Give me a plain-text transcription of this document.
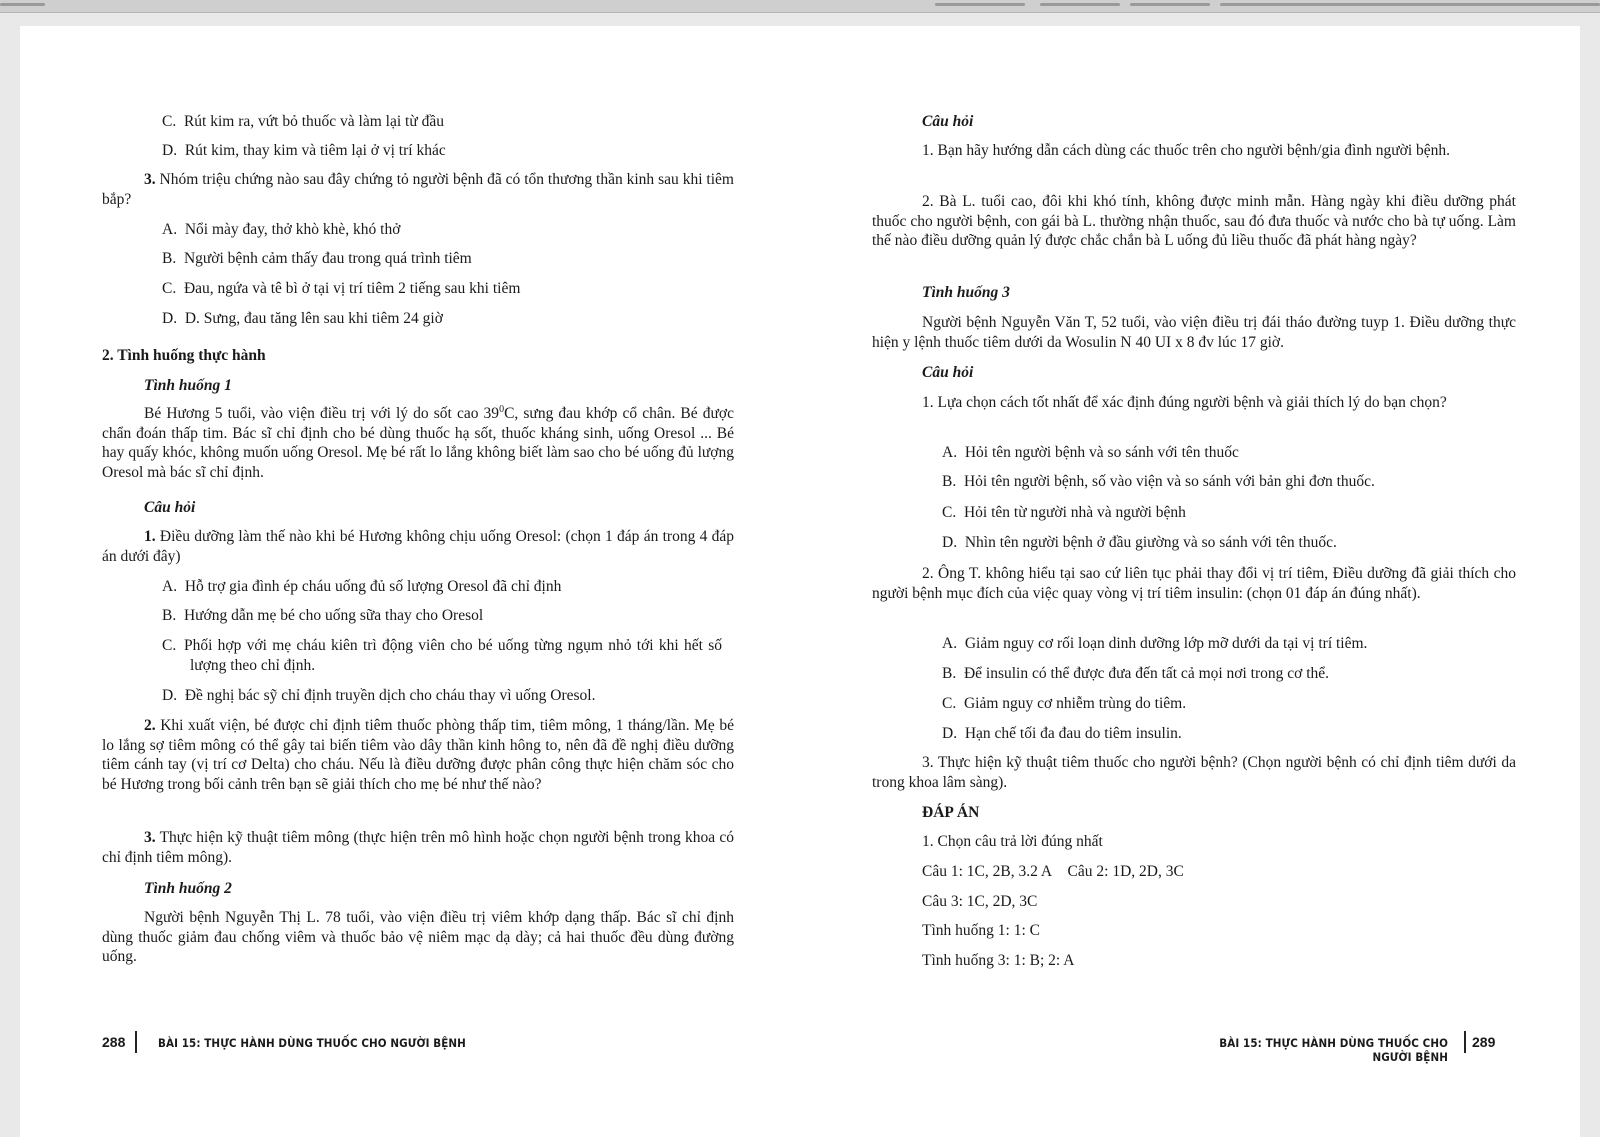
C. Rút kim ra, vứt bỏ thuốc và làm lại từ đầu
D. Rút kim, thay kim và tiêm lại ở vị trí khác
3. Nhóm triệu chứng nào sau đây chứng tỏ người bệnh đã có tổn thương thần kinh sau khi tiêm bắp?
A. Nổi mày đay, thở khò khè, khó thở
B. Người bệnh cảm thấy đau trong quá trình tiêm
C. Đau, ngứa và tê bì ở tại vị trí tiêm 2 tiếng sau khi tiêm
D. D. Sưng, đau tăng lên sau khi tiêm 24 giờ
2. Tình huống thực hành
Tình huống 1
Bé Hương 5 tuổi, vào viện điều trị với lý do sốt cao $39^0C$, sưng đau khớp cổ chân. Bé được chẩn đoán thấp tim. Bác sĩ chỉ định cho bé dùng thuốc hạ sốt, thuốc kháng sinh, uống Oresol ... Bé hay quấy khóc, không muốn uống Oresol. Mẹ bé rất lo lắng không biết làm sao cho bé uống đủ lượng Oresol mà bác sĩ chỉ định.
Câu hỏi
1. Điều dưỡng làm thế nào khi bé Hương không chịu uống Oresol: (chọn 1 đáp án trong 4 đáp án dưới đây)
A. Hỗ trợ gia đình ép cháu uống đủ số lượng Oresol đã chỉ định
B. Hướng dẫn mẹ bé cho uống sữa thay cho Oresol
C. Phối hợp với mẹ cháu kiên trì động viên cho bé uống từng ngụm nhỏ tới khi hết số lượng theo chỉ định.
D. Đề nghị bác sỹ chỉ định truyền dịch cho cháu thay vì uống Oresol.
2. Khi xuất viện, bé được chỉ định tiêm thuốc phòng thấp tim, tiêm mông, 1 tháng/lần. Mẹ bé lo lắng sợ tiêm mông có thể gây tai biến tiêm vào dây thần kinh hông to, nên đã đề nghị điều dưỡng tiêm cánh tay (vị trí cơ Delta) cho cháu. Nếu là điều dưỡng được phân công thực hiện chăm sóc cho bé Hương trong bối cảnh trên bạn sẽ giải thích cho mẹ bé như thế nào?
3. Thực hiện kỹ thuật tiêm mông (thực hiện trên mô hình hoặc chọn người bệnh trong khoa có chỉ định tiêm mông).
Tình huống 2
Người bệnh Nguyễn Thị L. 78 tuổi, vào viện điều trị viêm khớp dạng thấp. Bác sĩ chỉ định dùng thuốc giảm đau chống viêm và thuốc bảo vệ niêm mạc dạ dày; cả hai thuốc đều dùng đường uống.
Câu hỏi
1. Bạn hãy hướng dẫn cách dùng các thuốc trên cho người bệnh/gia đình người bệnh.
2. Bà L. tuổi cao, đôi khi khó tính, không được minh mẫn. Hàng ngày khi điều dưỡng phát thuốc cho người bệnh, con gái bà L. thường nhận thuốc, sau đó đưa thuốc và nước cho bà tự uống. Làm thế nào điều dưỡng quản lý được chắc chắn bà L uống đủ liều thuốc đã phát hàng ngày?
Tình huống 3
Người bệnh Nguyễn Văn T, 52 tuổi, vào viện điều trị đái tháo đường tuyp 1. Điều dưỡng thực hiện y lệnh thuốc tiêm dưới da Wosulin N 40 UI x 8 đv lúc 17 giờ.
Câu hỏi
1. Lựa chọn cách tốt nhất để xác định đúng người bệnh và giải thích lý do bạn chọn?
A. Hỏi tên người bệnh và so sánh với tên thuốc
B. Hỏi tên người bệnh, số vào viện và so sánh với bản ghi đơn thuốc.
C. Hỏi tên từ người nhà và người bệnh
D. Nhìn tên người bệnh ở đầu giường và so sánh với tên thuốc.
2. Ông T. không hiểu tại sao cứ liên tục phải thay đổi vị trí tiêm, Điều dưỡng đã giải thích cho người bệnh mục đích của việc quay vòng vị trí tiêm insulin: (chọn 01 đáp án đúng nhất).
A. Giảm nguy cơ rối loạn dinh dưỡng lớp mỡ dưới da tại vị trí tiêm.
B. Để insulin có thể được đưa đến tất cả mọi nơi trong cơ thể.
C. Giảm nguy cơ nhiễm trùng do tiêm.
D. Hạn chế tối đa đau do tiêm insulin.
3. Thực hiện kỹ thuật tiêm thuốc cho người bệnh? (Chọn người bệnh có chỉ định tiêm dưới da trong khoa lâm sàng).
ĐÁP ÁN
1. Chọn câu trả lời đúng nhất
Câu 1: 1C, 2B, 3.2 A Câu 2: 1D, 2D, 3C
Câu 3: 1C, 2D, 3C
Tình huống 1: 1: C
Tình huống 3: 1: B; 2: A
288	BÀI 15: THỰC HÀNH DÙNG THUỐC CHO NGƯỜI BỆNH	BÀI 15: THỰC HÀNH DÙNG THUỐC CHO NGƯỜI BỆNH
289
